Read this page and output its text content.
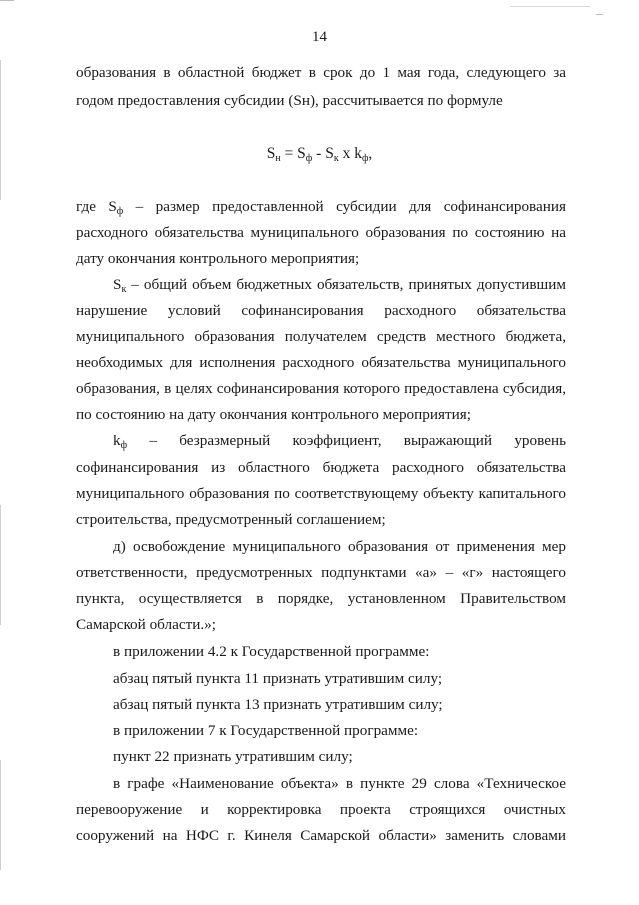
14
образования в областной бюджет в срок до 1 мая года, следующего за
годом предоставления субсидии (Sн), рассчитывается по формуле
$S_н = S_ф - S_к$ x $k_ф$,
где $S_ф$ – размер предоставленной субсидии для софинансирования
расходного обязательства муниципального образования по состоянию на
дату окончания контрольного мероприятия;
$S_к$ – общий объем бюджетных обязательств, принятых допустившим
нарушение условий софинансирования расходного обязательства
муниципального образования получателем средств местного бюджета,
необходимых для исполнения расходного обязательства муниципального
образования, в целях софинансирования которого предоставлена субсидия,
по состоянию на дату окончания контрольного мероприятия;
$k_ф$ – безразмерный коэффициент, выражающий уровень
софинансирования из областного бюджета расходного обязательства
муниципального образования по соответствующему объекту капитального
строительства, предусмотренный соглашением;
д) освобождение муниципального образования от применения мер
ответственности, предусмотренных подпунктами «а» – «г» настоящего
пункта, осуществляется в порядке, установленном Правительством
Самарской области.»;
в приложении 4.2 к Государственной программе:
абзац пятый пункта 11 признать утратившим силу;
абзац пятый пункта 13 признать утратившим силу;
в приложении 7 к Государственной программе:
пункт 22 признать утратившим силу;
в графе «Наименование объекта» в пункте 29 слова «Техническое
перевооружение и корректировка проекта строящихся очистных
сооружений на НФС г. Кинеля Самарской области» заменить словами
